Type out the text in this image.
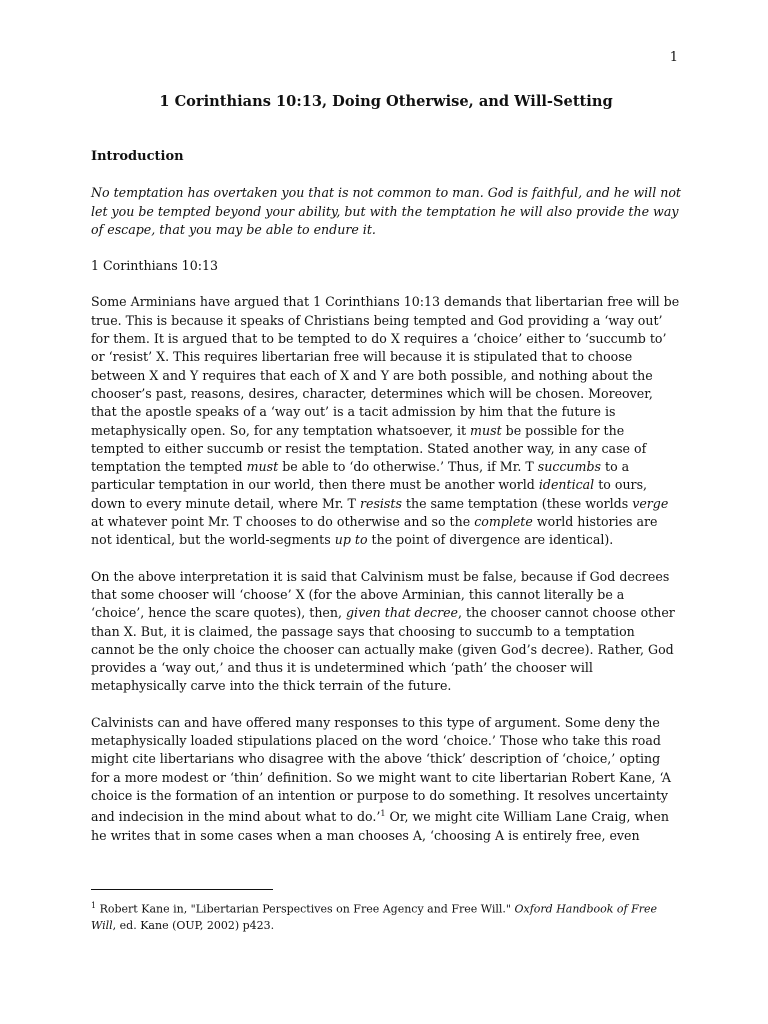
1
1 Corinthians 10:13, Doing Otherwise, and Will-Setting
Introduction

No temptation has overtaken you that is not common to man. God is faithful, and he will not let you be tempted beyond your ability, but with the temptation he will also provide the way of escape, that you may be able to endure it.

1 Corinthians 10:13

Some Arminians have argued that 1 Corinthians 10:13 demands that libertarian free will be true. This is because it speaks of Christians being tempted and God providing a ‘way out’ for them. It is argued that to be tempted to do X requires a ‘choice’ either to ‘succumb to’ or ‘resist’ X. This requires libertarian free will because it is stipulated that to choose between X and Y requires that each of X and Y are both possible, and nothing about the chooser’s past, reasons, desires, character, determines which will be chosen. Moreover, that the apostle speaks of a ‘way out’ is a tacit admission by him that the future is metaphysically open. So, for any temptation whatsoever, it must be possible for the tempted to either succumb or resist the temptation. Stated another way, in any case of temptation the tempted must be able to ‘do otherwise.’ Thus, if Mr. T succumbs to a particular temptation in our world, then there must be another world identical to ours, down to every minute detail, where Mr. T resists the same temptation (these worlds verge at whatever point Mr. T chooses to do otherwise and so the complete world histories are not identical, but the world-segments up to the point of divergence are identical).

On the above interpretation it is said that Calvinism must be false, because if God decrees that some chooser will ‘choose’ X (for the above Arminian, this cannot literally be a ‘choice’, hence the scare quotes), then, given that decree, the chooser cannot choose other than X. But, it is claimed, the passage says that choosing to succumb to a temptation cannot be the only choice the chooser can actually make (given God’s decree). Rather, God provides a ‘way out,’ and thus it is undetermined which ‘path’ the chooser will metaphysically carve into the thick terrain of the future.

Calvinists can and have offered many responses to this type of argument. Some deny the metaphysically loaded stipulations placed on the word ‘choice.’ Those who take this road might cite libertarians who disagree with the above ‘thick’ description of ‘choice,’ opting for a more modest or ‘thin’ definition. So we might want to cite libertarian Robert Kane, ‘A choice is the formation of an intention or purpose to do something. It resolves uncertainty and indecision in the mind about what to do.’$^1$ Or, we might cite William Lane Craig, when he writes that in some cases when a man chooses A, ‘choosing A is entirely free, even

$^1$ Robert Kane in, "Libertarian Perspectives on Free Agency and Free Will." Oxford Handbook of Free Will, ed. Kane (OUP, 2002) p423.
